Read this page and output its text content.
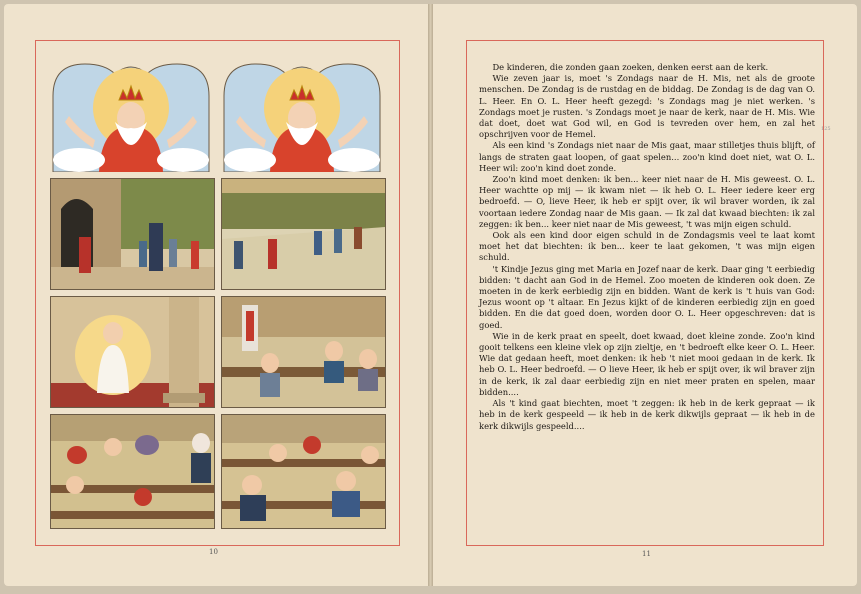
10
125

De kinderen, die zonden gaan zoeken, denken eerst aan de kerk.

Wie zeven jaar is, moet 's Zondags naar de H. Mis, net als de groote menschen. De Zondag is de rustdag en de biddag. De Zondag is de dag van O. L. Heer. En O. L. Heer heeft gezegd: 's Zondags mag je niet werken. 's Zondags moet je rusten. 's Zondags moet je naar de kerk, naar de H. Mis. Wie dat doet, doet wat God wil, en God is tevreden over hem, en zal het opschrijven voor de Hemel.

Als een kind 's Zondags niet naar de Mis gaat, maar stilletjes thuis blijft, of langs de straten gaat loopen, of gaat spelen... zoo'n kind doet niet, wat O. L. Heer wil: zoo'n kind doet zonde.

Zoo'n kind moet denken: ik ben... keer niet naar de H. Mis geweest. O. L. Heer wachtte op mij — ik kwam niet — ik heb O. L. Heer iedere keer erg bedroefd. — O, lieve Heer, ik heb er spijt over, ik wil braver worden, ik zal voortaan iedere Zondag naar de Mis gaan. — Ik zal dat kwaad biechten: ik zal zeggen: ik ben... keer niet naar de Mis geweest, 't was mijn eigen schuld.

Ook als een kind door eigen schuld in de Zondagsmis veel te laat komt moet het dat biechten: ik ben... keer te laat gekomen, 't was mijn eigen schuld.

't Kindje Jezus ging met Maria en Jozef naar de kerk. Daar ging 't eerbiedig bidden: 't dacht aan God in de Hemel. Zoo moeten de kinderen ook doen. Ze moeten in de kerk eerbiedig zijn en bidden. Want de kerk is 't huis van God: Jezus woont op 't altaar. En Jezus kijkt of de kinderen eerbiedig zijn en goed bidden. En die dat goed doen, worden door O. L. Heer opgeschreven: dat is goed.

Wie in de kerk praat en speelt, doet kwaad, doet kleine zonde. Zoo'n kind gooit telkens een kleine vlek op zijn zieltje, en 't bedroeft elke keer O. L. Heer. Wie dat gedaan heeft, moet denken: ik heb 't niet mooi gedaan in de kerk. Ik heb O. L. Heer bedroefd. — O lieve Heer, ik heb er spijt over, ik wil braver zijn in de kerk, ik zal daar eerbiedig zijn en niet meer praten en spelen, maar bidden....

Als 't kind gaat biechten, moet 't zeggen: ik heb in de kerk gepraat — ik heb in de kerk gespeeld — ik heb in de kerk dikwijls gepraat — ik heb in de kerk dikwijls gespeeld....

11
